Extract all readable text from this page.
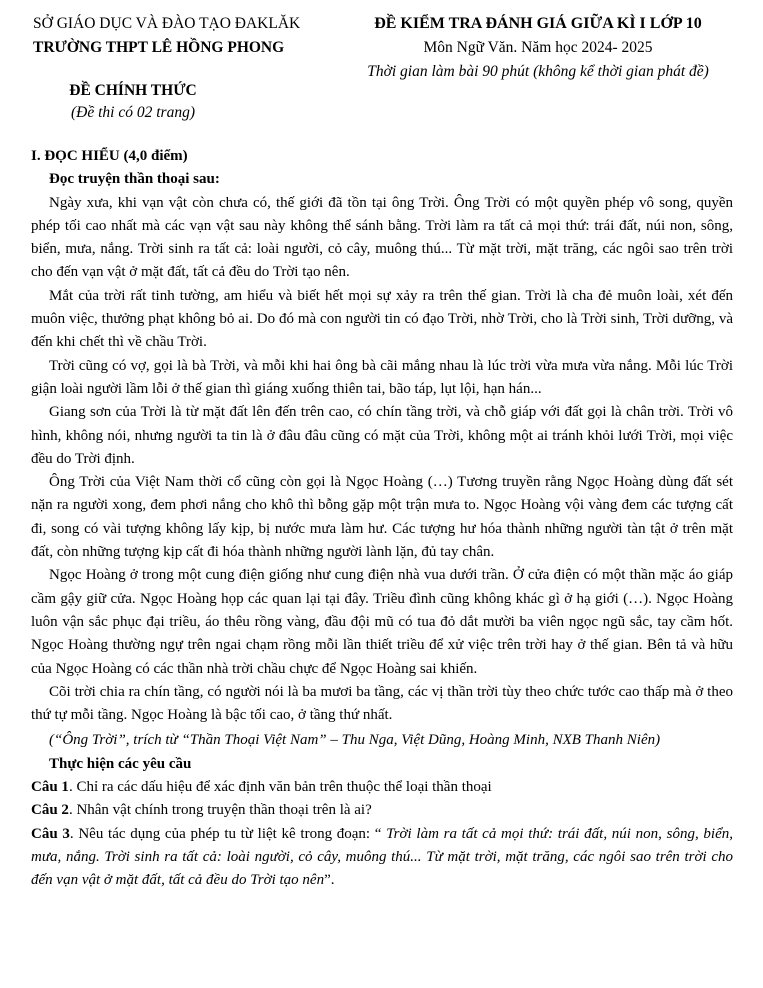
SỞ GIÁO DỤC VÀ ĐÀO TẠO ĐAKLĂK
TRƯỜNG THPT LÊ HỒNG PHONG
ĐỀ KIỂM TRA ĐÁNH GIÁ GIỮA KÌ I LỚP 10
Môn Ngữ Văn. Năm học 2024- 2025
Thời gian làm bài 90 phút (không kể thời gian phát đề)
ĐỀ CHÍNH THỨC
(Đề thi có 02 trang)
I. ĐỌC HIỂU (4,0 điểm)
Đọc truyện thần thoại sau:

Ngày xưa, khi vạn vật còn chưa có, thế giới đã tồn tại ông Trời. Ông Trời có một quyền phép vô song, quyền phép tối cao nhất mà các vạn vật sau này không thể sánh bằng. Trời làm ra tất cả mọi thứ: trái đất, núi non, sông, biển, mưa, nắng. Trời sinh ra tất cả: loài người, cỏ cây, muông thú... Từ mặt trời, mặt trăng, các ngôi sao trên trời cho đến vạn vật ở mặt đất, tất cả đều do Trời tạo nên.

Mắt của trời rất tinh tường, am hiểu và biết hết mọi sự xảy ra trên thế gian. Trời là cha đẻ muôn loài, xét đến muôn việc, thưởng phạt không bỏ ai. Do đó mà con người tin có đạo Trời, nhờ Trời, cho là Trời sinh, Trời dưỡng, và đến khi chết thì về chầu Trời.

Trời cũng có vợ, gọi là bà Trời, và mỗi khi hai ông bà cãi mắng nhau là lúc trời vừa mưa vừa nắng. Mỗi lúc Trời giận loài người lầm lỗi ở thế gian thì giáng xuống thiên tai, bão táp, lụt lội, hạn hán...

Giang sơn của Trời là từ mặt đất lên đến trên cao, có chín tầng trời, và chỗ giáp với đất gọi là chân trời. Trời vô hình, không nói, nhưng người ta tin là ở đâu đâu cũng có mặt của Trời, không một ai tránh khỏi lưới Trời, mọi việc đều do Trời định.

Ông Trời của Việt Nam thời cổ cũng còn gọi là Ngọc Hoàng (…) Tương truyền rằng Ngọc Hoàng dùng đất sét nặn ra người xong, đem phơi nắng cho khô thì bỗng gặp một trận mưa to. Ngọc Hoàng vội vàng đem các tượng cất đi, song có vài tượng không lấy kịp, bị nước mưa làm hư. Các tượng hư hóa thành những người tàn tật ở trên mặt đất, còn những tượng kịp cất đi hóa thành những người lành lặn, đủ tay chân.

Ngọc Hoàng ở trong một cung điện giống như cung điện nhà vua dưới trần. Ở cửa điện có một thần mặc áo giáp cầm gậy giữ cửa. Ngọc Hoàng họp các quan lại tại đây. Triều đình cũng không khác gì ở hạ giới (…). Ngọc Hoàng luôn vận sắc phục đại triều, áo thêu rồng vàng, đầu đội mũ có tua đỏ dắt mười ba viên ngọc ngũ sắc, tay cầm hốt. Ngọc Hoàng thường ngự trên ngai chạm rồng mỗi lần thiết triều để xử việc trên trời hay ở thế gian. Bên tả và hữu của Ngọc Hoàng có các thần nhà trời chầu chực để Ngọc Hoàng sai khiến.

Cõi trời chia ra chín tầng, có người nói là ba mươi ba tầng, các vị thần trời tùy theo chức tước cao thấp mà ở theo thứ tự mỗi tầng. Ngọc Hoàng là bậc tối cao, ở tầng thứ nhất.

(“Ông Trời”, trích từ “Thần Thoại Việt Nam” – Thu Nga, Việt Dũng, Hoàng Minh, NXB Thanh Niên)

Thực hiện các yêu cầu

Câu 1. Chỉ ra các dấu hiệu để xác định văn bản trên thuộc thể loại thần thoại

Câu 2. Nhân vật chính trong truyện thần thoại trên là ai?

Câu 3. Nêu tác dụng của phép tu từ liệt kê trong đoạn: “ Trời làm ra tất cả mọi thứ: trái đất, núi non, sông, biển, mưa, nắng. Trời sinh ra tất cả: loài người, cỏ cây, muông thú... Từ mặt trời, mặt trăng, các ngôi sao trên trời cho đến vạn vật ở mặt đất, tất cả đều do Trời tạo nên”.
